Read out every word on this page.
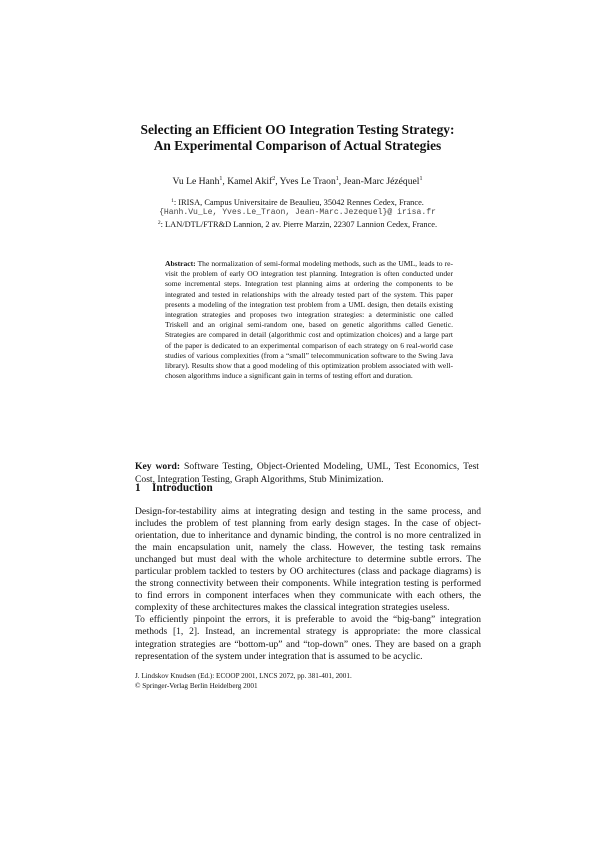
Selecting an Efficient OO Integration Testing Strategy:
An Experimental Comparison of Actual Strategies
Vu Le Hanh$^1$, Kamel Akif$^2$, Yves Le Traon$^1$, Jean-Marc Jézéquel$^1$
$^1$: IRISA, Campus Universitaire de Beaulieu, 35042 Rennes Cedex, France.
{Hanh.Vu_Le, Yves.Le_Traon, Jean-Marc.Jezequel}@ irisa.fr
$^2$: LAN/DTL/FTR&D Lannion, 2 av. Pierre Marzin, 22307 Lannion Cedex, France.
Abstract: The normalization of semi-formal modeling methods, such as the UML, leads to re-visit the problem of early OO integration test planning. Integration is often conducted under some incremental steps. Integration test planning aims at ordering the components to be integrated and tested in relationships with the already tested part of the system. This paper presents a modeling of the integration test problem from a UML design, then details existing integration strategies and proposes two integration strategies: a deterministic one called Triskell and an original semi-random one, based on genetic algorithms called Genetic. Strategies are compared in detail (algorithmic cost and optimization choices) and a large part of the paper is dedicated to an experimental comparison of each strategy on 6 real-world case studies of various complexities (from a “small” telecommunication software to the Swing Java library). Results show that a good modeling of this optimization problem associated with well-chosen algorithms induce a significant gain in terms of testing effort and duration.
Key word: Software Testing, Object-Oriented Modeling, UML, Test Economics, Test Cost, Integration Testing, Graph Algorithms, Stub Minimization.
1 Introduction

Design-for-testability aims at integrating design and testing in the same process, and includes the problem of test planning from early design stages. In the case of object-orientation, due to inheritance and dynamic binding, the control is no more centralized in the main encapsulation unit, namely the class. However, the testing task remains unchanged but must deal with the whole architecture to determine subtle errors. The particular problem tackled to testers by OO architectures (class and package diagrams) is the strong connectivity between their components. While integration testing is performed to find errors in component interfaces when they communicate with each others, the complexity of these architectures makes the classical integration strategies useless.

To efficiently pinpoint the errors, it is preferable to avoid the “big-bang” integration methods [1, 2]. Instead, an incremental strategy is appropriate: the more classical integration strategies are “bottom-up” and “top-down” ones. They are based on a graph representation of the system under integration that is assumed to be acyclic.

J. Lindskov Knudsen (Ed.): ECOOP 2001, LNCS 2072, pp. 381-401, 2001.
© Springer-Verlag Berlin Heidelberg 2001
